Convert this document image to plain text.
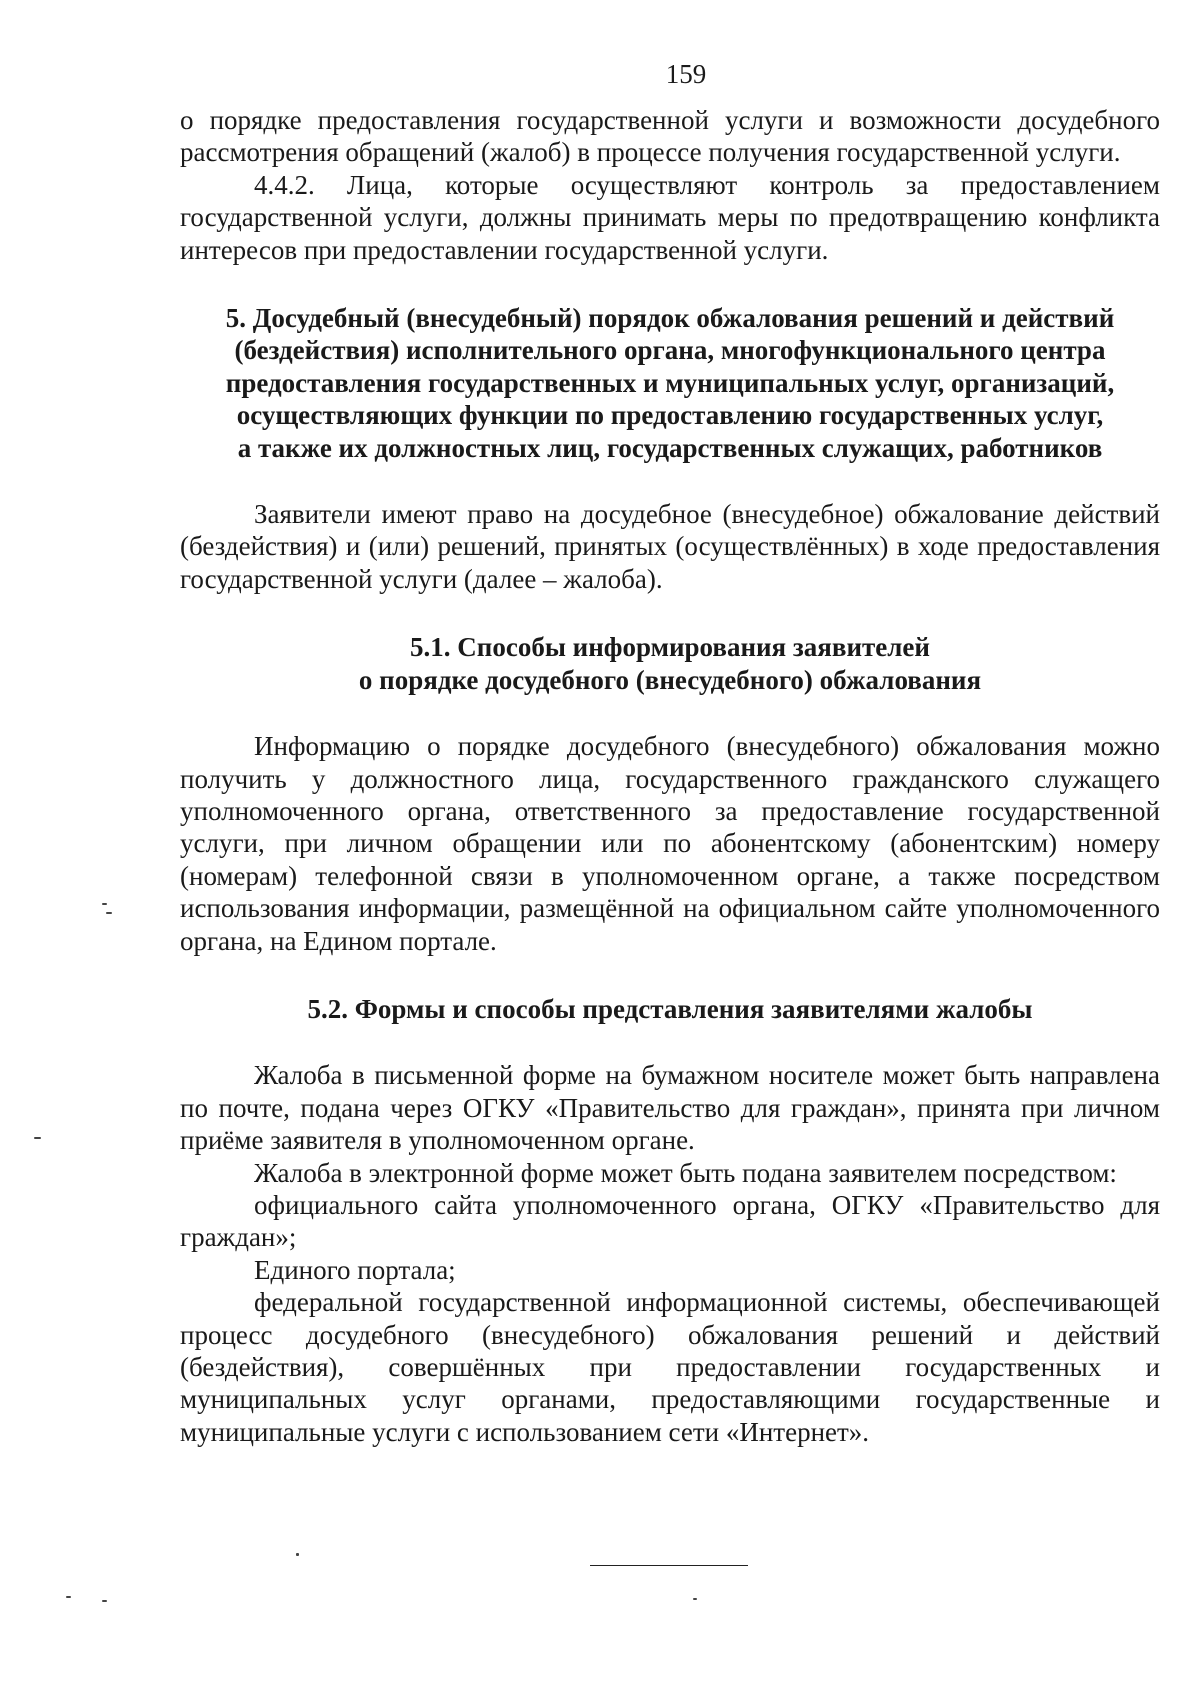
159

о порядке предоставления государственной услуги и возможности досудебного рассмотрения обращений (жалоб) в процессе получения государственной услуги.

4.4.2. Лица, которые осуществляют контроль за предоставлением государственной услуги, должны принимать меры по предотвращению конфликта интересов при предоставлении государственной услуги.

5. Досудебный (внесудебный) порядок обжалования решений и действий
(бездействия) исполнительного органа, многофункционального центра
предоставления государственных и муниципальных услуг, организаций,
осуществляющих функции по предоставлению государственных услуг,
а также их должностных лиц, государственных служащих, работников

Заявители имеют право на досудебное (внесудебное) обжалование действий (бездействия) и (или) решений, принятых (осуществлённых) в ходе предоставления государственной услуги (далее – жалоба).

5.1. Способы информирования заявителей
о порядке досудебного (внесудебного) обжалования

Информацию о порядке досудебного (внесудебного) обжалования можно получить у должностного лица, государственного гражданского служащего уполномоченного органа, ответственного за предоставление государственной услуги, при личном обращении или по абонентскому (абонентским) номеру (номерам) телефонной связи в уполномоченном органе, а также посредством использования информации, размещённой на официальном сайте уполномоченного органа, на Едином портале.

5.2. Формы и способы представления заявителями жалобы

Жалоба в письменной форме на бумажном носителе может быть направлена по почте, подана через ОГКУ «Правительство для граждан», принята при личном приёме заявителя в уполномоченном органе.

Жалоба в электронной форме может быть подана заявителем посредством:

официального сайта уполномоченного органа, ОГКУ «Правительство для граждан»;

Единого портала;

федеральной государственной информационной системы, обеспечивающей процесс досудебного (внесудебного) обжалования решений и действий (бездействия), совершённых при предоставлении государственных и муниципальных услуг органами, предоставляющими государственные и муниципальные услуги с использованием сети «Интернет».
